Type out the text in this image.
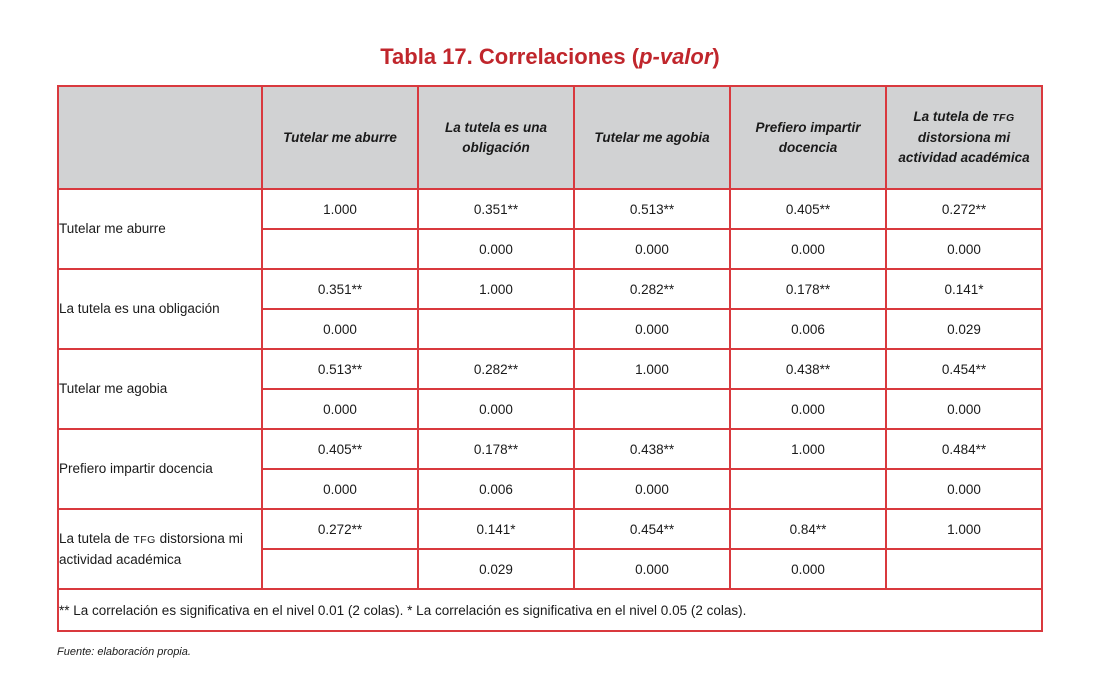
Tabla 17. Correlaciones (p-valor)
	Tutelar me aburre	La tutela es una obligación	Tutelar me agobia	Prefiero impartir docencia	La tutela de TFG distorsiona mi actividad académica
Tutelar me aburre	1.000	0.351**	0.513**	0.405**	0.272**
		0.000	0.000	0.000	0.000
La tutela es una obligación	0.351**	1.000	0.282**	0.178**	0.141*
	0.000		0.000	0.006	0.029
Tutelar me agobia	0.513**	0.282**	1.000	0.438**	0.454**
	0.000	0.000		0.000	0.000
Prefiero impartir docencia	0.405**	0.178**	0.438**	1.000	0.484**
	0.000	0.006	0.000		0.000
La tutela de TFG distorsiona mi actividad académica	0.272**	0.141*	0.454**	0.84**	1.000
		0.029	0.000	0.000	
** La correlación es significativa en el nivel 0.01 (2 colas). * La correlación es significativa en el nivel 0.05 (2 colas).					
Fuente: elaboración propia.
